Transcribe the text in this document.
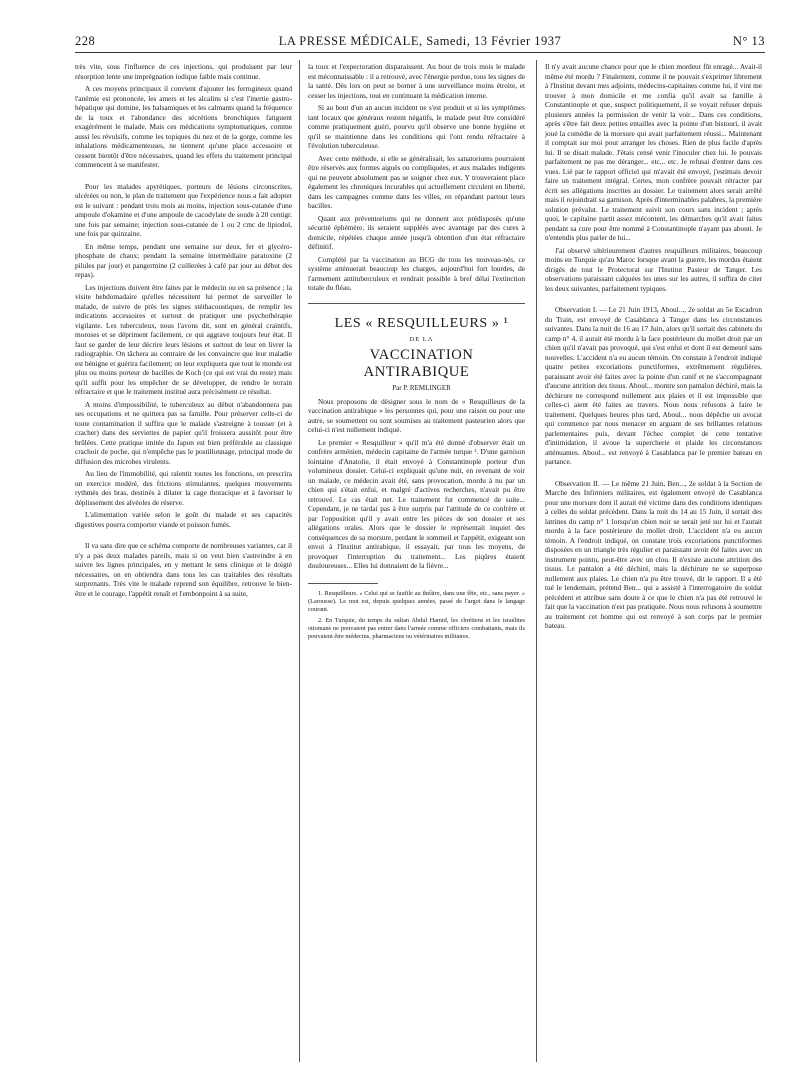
228	LA PRESSE MÉDICALE, Samedi, 13 Février 1937	N° 13

très vite, sous l'influence de ces injections, qui produisent par leur résorption lente une imprégnation iodique faible mais continue.

A ces moyens principaux il convient d'ajouter les ferrugineux quand l'anémie est prononcée, les amers et les alcalins si c'est l'inertie gastro-hépatique qui domine, les balsamiques et les calmants quand la fréquence de la toux et l'abondance des sécrétions bronchiques fatiguent exagérément le malade. Mais ces médications symptomatiques, comme aussi les révulsifs, comme les topiques du nez et de la gorge, comme les inhalations médicamenteuses, ne tiennent qu'une place accessoire et cessent bientôt d'être nécessaires, quand les effets du traitement principal commencent à se manifester.

Pour les malades apyrétiques, porteurs de lésions circonscrites, ulcérées ou non, le plan de traitement que l'expérience nous a fait adopter est le suivant : pendant trois mois au moins, injection sous-cutanée d'une ampoule d'okamine et d'une ampoule de cacodylate de soude à 20 centigr. une fois par semaine; injection sous-cutanée de 1 ou 2 cmc de lipiodol, une fois par quinzaine.

En même temps, pendant une semaine sur deux, fer et glycéro-phosphate de chaux; pendant la semaine intermédiaire paratoxine (2 pilules par jour) et pangermine (2 cuillerées à café par jour au début des repas).

Les injections doivent être faites par le médecin ou en sa présence ; la visite hebdomadaire qu'elles nécessitent lui permet de surveiller le malade, de suivre de près les signes stéthacoustiques, de remplir les indications accessoires et surtout de pratiquer une psychothérapie vigilante. Les tuberculeux, nous l'avons dit, sont en général craintifs, moroses et se dépriment facilement, ce qui aggrave toujours leur état. Il faut se garder de leur décrire leurs lésions et surtout de leur en livrer la radiographie. On tâchera au contraire de les convaincre que leur maladie est bénigne et guérira facilement; on leur expliquera que tout le monde est plus ou moins porteur de bacilles de Koch (ce qui est vrai du reste) mais qu'il suffit pour les empêcher de se développer, de rendre le terrain réfractaire et que le traitement institué aura précisément ce résultat.

A moins d'impossibilité, le tuberculeux au début n'abandonnera pas ses occupations et ne quittera pas sa famille. Pour préserver celle-ci de toute contamination il suffira que le malade s'astreigne à tousser (et à cracher) dans des serviettes de papier qu'il froissera aussitôt pour être brûlées. Cette pratique imitée du Japon est bien préférable au classique crachoir de poche, qui n'empêche pas le postillonnage, principal mode de diffusion des microbes virulents.

Au lieu de l'immobilité, qui ralentit toutes les fonctions, on prescrira un exercice modéré, des frictions stimulantes, quelques mouvements rythmés des bras, destinés à dilater la cage thoracique et à favoriser le déplissement des alvéoles de réserve.

L'alimentation variée selon le goût du malade et ses capacités digestives pourra comporter viande et poisson fumés.

Il va sans dire que ce schéma comporte de nombreuses variantes, car il n'y a pas deux malades pareils, mais si on veut bien s'astreindre à en suivre les lignes principales, en y mettant le sens clinique et le doigté nécessaires, on en obtiendra dans tous les cas traitables des résultats surprenants. Très vite le malade reprend son équilibre, retrouve le bien-être et le courage, l'appétit renaît et l'embonpoint à sa suite,

la toux et l'expectoration disparaissent. Au bout de trois mois le malade est méconnaissable : il a retrouvé, avec l'énergie perdue, tous les signes de la santé. Dès lors on peut se borner à une surveillance moins étroite, et cesser les injections, tout en continuant la médication interne.

Si au bout d'un an aucun incident ne s'est produit et si les symptômes tant locaux que généraux restent négatifs, le malade peut être considéré comme pratiquement guéri, pourvu qu'il observe une bonne hygiène et qu'il se maintienne dans les conditions qui l'ont rendu réfractaire à l'évolution tuberculeuse.

Avec cette méthode, si elle se généralisait, les sanatoriums pourraient être réservés aux formes aiguës ou compliquées, et aux malades indigents qui ne peuvent absolument pas se soigner chez eux. Y trouveraient place également les chroniques incurables qui actuellement circulent en liberté, dans les campagnes comme dans les villes, en répandant partout leurs bacilles.

Quant aux préventoriums qui ne donnent aux prédisposés qu'une sécurité éphémère, ils seraient suppléés avec avantage par des cures à domicile, répétées chaque année jusqu'à obtention d'un état réfractaire définitif.

Complété par la vaccination au BCG de tous les nouveau-nés, ce système atténuerait beaucoup les charges, aujourd'hui fort lourdes, de l'armement antituberculeux et rendrait possible à bref délai l'extinction totale du fléau.

LES « RESQUILLEURS » ¹

DE LA

VACCINATION ANTIRABIQUE

Par P. REMLINGER

Nous proposons de désigner sous le nom de « Resquilleurs de la vaccination antirabique » les personnes qui, pour une raison ou pour une autre, se soumettent ou sont soumises au traitement pasteurien alors que celui-ci n'est nullement indiqué.

Le premier « Resquilleur » qu'il m'a été donné d'observer était un confrère arménien, médecin capitaine de l'armée turque ². D'une garnison lointaine d'Anatolie, il était envoyé à Constantinople porteur d'un volumineux dossier. Celui-ci expliquait qu'une nuit, en revenant de voir un malade, ce médecin avait été, sans provocation, mordu à nu par un chien qui s'était enfui, et malgré d'actives recherches, n'avait pu être retrouvé. Le cas était net. Le traitement fut commencé de suite... Cependant, je ne tardai pas à être surpris par l'attitude de ce confrère et par l'opposition qu'il y avait entre les pièces de son dossier et ses allégations orales. Alors que le dossier le représentait inquiet des conséquences de sa morsure, perdant le sommeil et l'appétit, exigeant son envoi à l'Institut antirabique, il essayait, par tous les moyens, de provoquer l'interruption du traitement... Les piqûres étaient douloureuses... Elles lui donnaient de la fièvre...

1. Resquilleurs. « Celui qui se faufile au théâtre, dans une fête, etc., sans payer. » (Larousse). Le mot est, depuis quelques années, passé de l'argot dans le langage courant.

2. En Turquie, du temps du sultan Abdul Hamid, les chrétiens et les israélites ottomans ne pouvaient pas entrer dans l'armée comme officiers combattants, mais ils pouvaient être médecins, pharmaciens ou vétérinaires militaires.

Il n'y avait aucune chance pour que le chien mordeur fût enragé... Avait-il même été mordu ? Finalement, comme il ne pouvait s'exprimer librement à l'Institut devant mes adjoints, médecins-capitaines comme lui, il vint me trouver à mon domicile et me confia qu'il avait sa famille à Constantinople et que, suspect politiquement, il se voyait refuser depuis plusieurs années la permission de venir la voir... Dans ces conditions, après s'être fait deux petites entailles avec la pointe d'un bistouri, il avait joué la comédie de la morsure qui avait parfaitement réussi... Maintenant il comptait sur moi pour arranger les choses. Rien de plus facile d'après lui. Il se disait malade. J'étais censé venir l'inoculer chez lui. Je pouvais parfaitement ne pas me déranger... etc... etc. Je refusai d'entrer dans ces vues. Lié par le rapport officiel qui m'avait été envoyé, j'estimais devoir faire un traitement intégral. Certes, mon confrère pouvait rétracter par écrit ses allégations inscrites au dossier. Le traitement alors serait arrêté mais il rejoindrait sa garnison. Après d'interminables palabres, la première solution prévalut. Le traitement suivit son cours sans incident ; après quoi, le capitaine partit assez mécontent, les démarches qu'il avait faites pendant sa cure pour être nommé à Constantinople n'ayant pas abouti. Je n'entendis plus parler de lui...

J'ai observé ultérieurement d'autres resquilleurs militaires, beaucoup moins en Turquie qu'au Maroc lorsque avant la guerre, les mordus étaient dirigés de tout le Protectorat sur l'Institut Pasteur de Tanger. Les observations paraissant calquées les unes sur les autres, il suffira de citer les deux suivantes, parfaitement typiques.

Observation I. — Le 21 Juin 1913, Aboul..., 2e soldat au 5e Escadron du Train, est envoyé de Casablanca à Tanger dans les circonstances suivantes. Dans la nuit du 16 au 17 Juin, alors qu'il sortait des cabinets du camp n° 4, il aurait été mordu à la face postérieure du mollet droit par un chien qu'il n'avait pas provoqué, qui s'est enfui et dont il est demeuré sans nouvelles. L'accident n'a eu aucun témoin. On constate à l'endroit indiqué quatre petites excoriations punctiformes, extrêmement régulières, paraissant avoir été faites avec la pointe d'un canif et ne s'accompagnant d'aucune attrition des tissus. Aboul... montre son pantalon déchiré, mais la déchirure ne correspond nullement aux plaies et il est impossible que celles-ci aient été faites au travers. Nous nous refusons à faire le traitement. Quelques heures plus tard, Aboul... nous dépêche un avocat qui commence par nous menacer en arguant de ses brillantes relations parlementaires puis, devant l'échec complet de cette tentative d'intimidation, il avoue la supercherie et plaide les circonstances atténuantes. Aboul... est renvoyé à Casablanca par le premier bateau en partance.

Observation II. — Le même 21 Juin, Ben..., 2e soldat à la Section de Marche des Infirmiers militaires, est également envoyé de Casablanca pour une morsure dont il aurait été victime dans des conditions identiques à celles du soldat précédent. Dans la nuit du 14 au 15 Juin, il sortait des latrines du camp n° 1 lorsqu'un chien noir se serait jeté sur lui et l'aurait mordu à la face postérieure du mollet droit. L'accident n'a eu aucun témoin. A l'endroit indiqué, on constate trois excoriations punctiformes disposées en un triangle très régulier et paraissant avoir été faites avec un instrument pointu, peut-être avec un clou. Il n'existe aucune attrition des tissus. Le pantalon a été déchiré, mais la déchirure ne se superpose nullement aux plaies. Le chien n'a pu être trouvé, dit le rapport. Il a été tué le lendemain, prétend Ben... qui a assisté à l'interrogatoire du soldat précédent et attribue sans doute à ce que le chien n'a pas été retrouvé le fait que la vaccination n'est pas pratiquée. Nous nous refusons à soumettre au traitement cet homme qui est renvoyé à son corps par le premier bateau.
